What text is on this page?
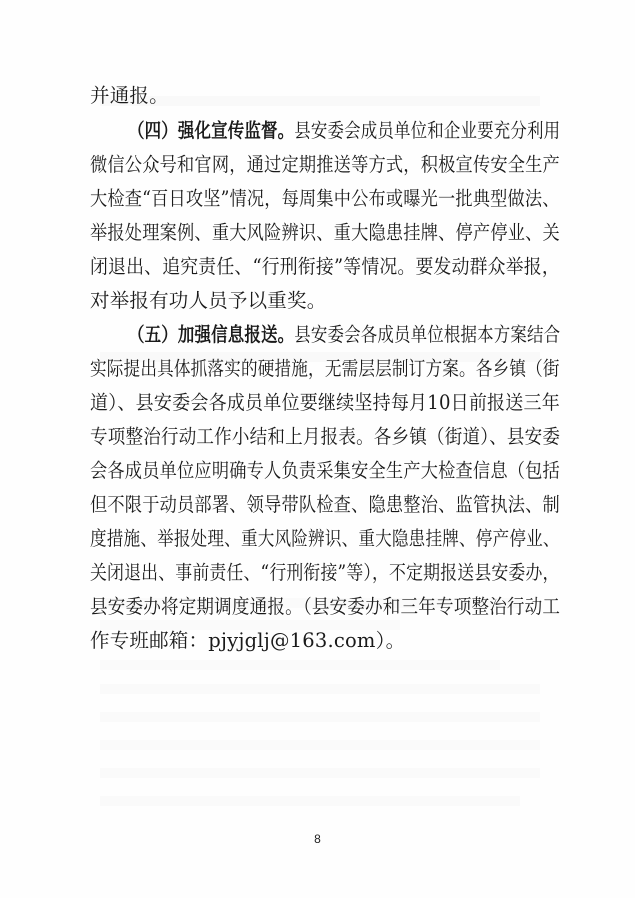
并通报。
（四）强化宣传监督。县安委会成员单位和企业要充分利用
微信公众号和官网，通过定期推送等方式，积极宣传安全生产
大检查“百日攻坚”情况，每周集中公布或曝光一批典型做法、
举报处理案例、重大风险辨识、重大隐患挂牌、停产停业、关
闭退出、追究责任、“行刑衔接”等情况。要发动群众举报，
对举报有功人员予以重奖。
（五）加强信息报送。县安委会各成员单位根据本方案结合
实际提出具体抓落实的硬措施，无需层层制订方案。各乡镇（街
道）、县安委会各成员单位要继续坚持每月10日前报送三年
专项整治行动工作小结和上月报表。各乡镇（街道）、县安委
会各成员单位应明确专人负责采集安全生产大检查信息（包括
但不限于动员部署、领导带队检查、隐患整治、监管执法、制
度措施、举报处理、重大风险辨识、重大隐患挂牌、停产停业、
关闭退出、事前责任、“行刑衔接”等），不定期报送县安委办，
县安委办将定期调度通报。（县安委办和三年专项整治行动工
作专班邮箱：pjyjglj@163.com）。
8
